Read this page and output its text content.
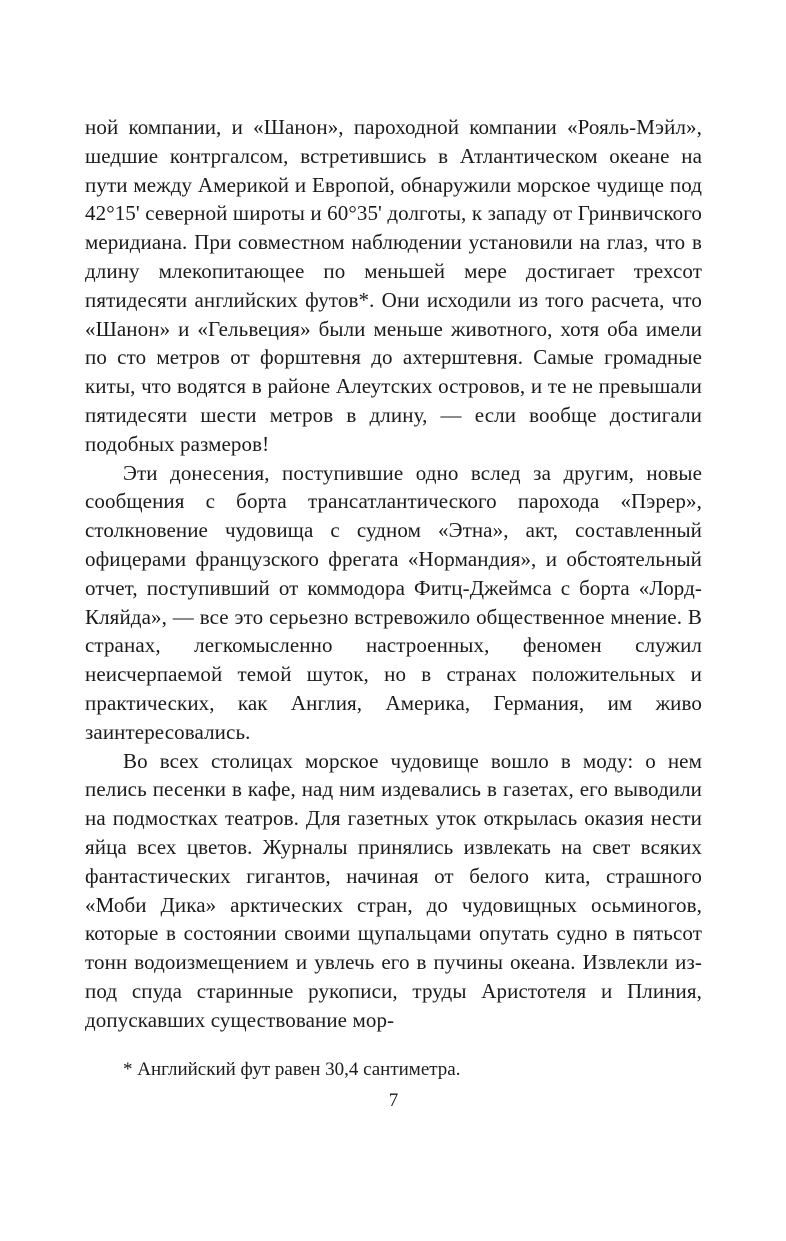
ной компании, и «Шанон», пароходной компании «Рояль-Мэйл», шедшие контргалсом, встретившись в Атлантическом океане на пути между Америкой и Европой, обнаружили морское чудище под 42°15' северной широты и 60°35' долготы, к западу от Гринвичского меридиана. При совместном наблюдении установили на глаз, что в длину млекопитающее по меньшей мере достигает трехсот пятидесяти английских футов*. Они исходили из того расчета, что «Шанон» и «Гельвеция» были меньше животного, хотя оба имели по сто метров от форштевня до ахтерштевня. Самые громадные киты, что водятся в районе Алеутских островов, и те не превышали пятидесяти шести метров в длину, — если вообще достигали подобных размеров!

Эти донесения, поступившие одно вслед за другим, новые сообщения с борта трансатлантического парохода «Пэрер», столкновение чудовища с судном «Этна», акт, составленный офицерами французского фрегата «Нормандия», и обстоятельный отчет, поступивший от коммодора Фитц-Джеймса с борта «Лорд-Кляйда», — все это серьезно встревожило общественное мнение. В странах, легкомысленно настроенных, феномен служил неисчерпаемой темой шуток, но в странах положительных и практических, как Англия, Америка, Германия, им живо заинтересовались.

Во всех столицах морское чудовище вошло в моду: о нем пелись песенки в кафе, над ним издевались в газетах, его выводили на подмостках театров. Для газетных уток открылась оказия нести яйца всех цветов. Журналы принялись извлекать на свет всяких фантастических гигантов, начиная от белого кита, страшного «Моби Дика» арктических стран, до чудовищных осьминогов, которые в состоянии своими щупальцами опутать судно в пятьсот тонн водоизмещением и увлечь его в пучины океана. Извлекли из-под спуда старинные рукописи, труды Аристотеля и Плиния, допускавших существование мор-

* Английский фут равен 30,4 сантиметра.
7
